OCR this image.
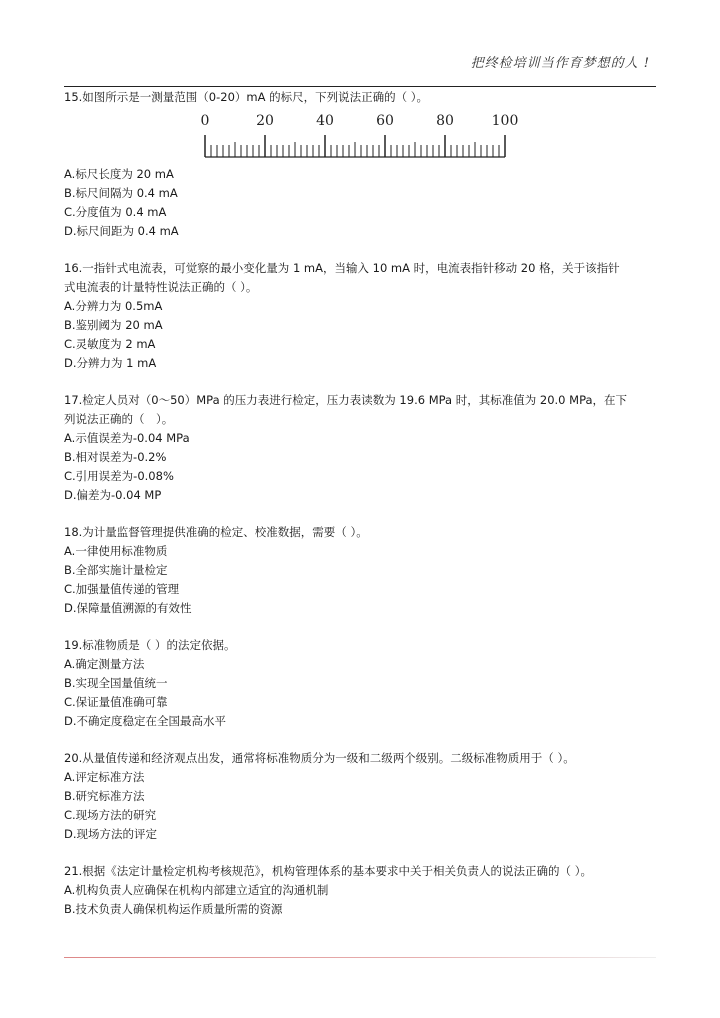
把终检培训当作育梦想的人 !
15.如图所示是一测量范围（0-20）mA 的标尺，下列说法正确的（ ）。
0	20	40	60	80	100
A.标尺长度为 20 mA
B.标尺间隔为 0.4 mA
C.分度值为 0.4 mA
D.标尺间距为 0.4 mA
16.一指针式电流表，可觉察的最小变化量为 1 mA，当输入 10 mA 时，电流表指针移动 20 格，关于该指针
式电流表的计量特性说法正确的（ ）。
A.分辨力为 0.5mA
B.鉴别阈为 20 mA
C.灵敏度为 2 mA
D.分辨力为 1 mA
17.检定人员对（0～50）MPa 的压力表进行检定，压力表读数为 19.6 MPa 时，其标准值为 20.0 MPa，在下
列说法正确的（　）。
A.示值误差为-0.04 MPa
B.相对误差为-0.2%
C.引用误差为-0.08%
D.偏差为-0.04 MP
18.为计量监督管理提供准确的检定、校准数据，需要（ ）。
A.一律使用标准物质
B.全部实施计量检定
C.加强量值传递的管理
D.保障量值溯源的有效性
19.标准物质是（ ）的法定依据。
A.确定测量方法
B.实现全国量值统一
C.保证量值准确可靠
D.不确定度稳定在全国最高水平
20.从量值传递和经济观点出发，通常将标准物质分为一级和二级两个级别。二级标准物质用于（ ）。
A.评定标准方法
B.研究标准方法
C.现场方法的研究
D.现场方法的评定
21.根据《法定计量检定机构考核规范》，机构管理体系的基本要求中关于相关负责人的说法正确的（ ）。
A.机构负责人应确保在机构内部建立适宜的沟通机制
B.技术负责人确保机构运作质量所需的资源
